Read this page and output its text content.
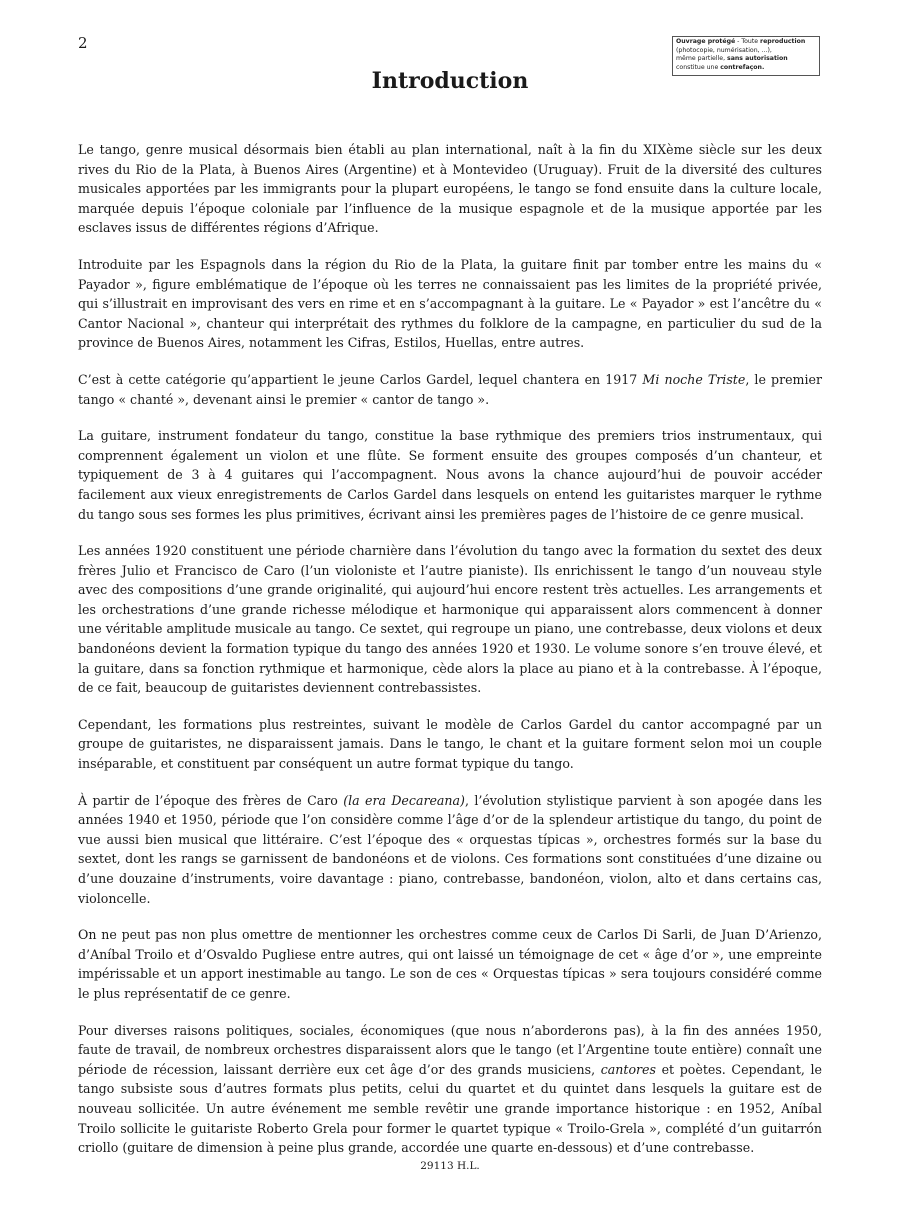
2	Ouvrage protégé - Toute reproduction
(photocopie, numérisation, ...),
même partielle, sans autorisation
constitue une contrefaçon.
Introduction

Le tango, genre musical désormais bien établi au plan international, naît à la fin du XIXème siècle sur les deux rives du Rio de la Plata, à Buenos Aires (Argentine) et à Montevideo (Uruguay). Fruit de la diversité des cultures musicales apportées par les immigrants pour la plupart européens, le tango se fond ensuite dans la culture locale, marquée depuis l’époque coloniale par l’influence de la musique espagnole et de la musique apportée par les esclaves issus de différentes régions d’Afrique.

Introduite par les Espagnols dans la région du Rio de la Plata, la guitare finit par tomber entre les mains du « Payador », figure emblématique de l’époque où les terres ne connaissaient pas les limites de la propriété privée, qui s’illustrait en improvisant des vers en rime et en s’accompagnant à la guitare. Le « Payador » est l’ancêtre du « Cantor Nacional », chanteur qui interprétait des rythmes du folklore de la campagne, en particulier du sud de la province de Buenos Aires, notamment les Cifras, Estilos, Huellas, entre autres.

C’est à cette catégorie qu’appartient le jeune Carlos Gardel, lequel chantera en 1917 Mi noche Triste, le premier tango « chanté », devenant ainsi le premier « cantor de tango ».

La guitare, instrument fondateur du tango, constitue la base rythmique des premiers trios instrumentaux, qui comprennent également un violon et une flûte. Se forment ensuite des groupes composés d’un chanteur, et typiquement de 3 à 4 guitares qui l’accompagnent. Nous avons la chance aujourd’hui de pouvoir accéder facilement aux vieux enregistrements de Carlos Gardel dans lesquels on entend les guitaristes marquer le rythme du tango sous ses formes les plus primitives, écrivant ainsi les premières pages de l’histoire de ce genre musical.

Les années 1920 constituent une période charnière dans l’évolution du tango avec la formation du sextet des deux frères Julio et Francisco de Caro (l’un violoniste et l’autre pianiste). Ils enrichissent le tango d’un nouveau style avec des compositions d’une grande originalité, qui aujourd’hui encore restent très actuelles. Les arrangements et les orchestrations d’une grande richesse mélodique et harmonique qui apparaissent alors commencent à donner une véritable amplitude musicale au tango. Ce sextet, qui regroupe un piano, une contrebasse, deux violons et deux bandonéons devient la formation typique du tango des années 1920 et 1930. Le volume sonore s’en trouve élevé, et la guitare, dans sa fonction rythmique et harmonique, cède alors la place au piano et à la contrebasse. À l’époque, de ce fait, beaucoup de guitaristes deviennent contrebassistes.

Cependant, les formations plus restreintes, suivant le modèle de Carlos Gardel du cantor accompagné par un groupe de guitaristes, ne disparaissent jamais. Dans le tango, le chant et la guitare forment selon moi un couple inséparable, et constituent par conséquent un autre format typique du tango.

À partir de l’époque des frères de Caro (la era Decareana), l’évolution stylistique parvient à son apogée dans les années 1940 et 1950, période que l’on considère comme l’âge d’or de la splendeur artistique du tango, du point de vue aussi bien musical que littéraire. C’est l’époque des « orquestas típicas », orchestres formés sur la base du sextet, dont les rangs se garnissent de bandonéons et de violons. Ces formations sont constituées d’une dizaine ou d’une douzaine d’instruments, voire davantage : piano, contrebasse, bandonéon, violon, alto et dans certains cas, violoncelle.

On ne peut pas non plus omettre de mentionner les orchestres comme ceux de Carlos Di Sarli, de Juan D’Arienzo, d’Aníbal Troilo et d’Osvaldo Pugliese entre autres, qui ont laissé un témoignage de cet « âge d’or », une empreinte impérissable et un apport inestimable au tango. Le son de ces « Orquestas típicas » sera toujours considéré comme le plus représentatif de ce genre.

Pour diverses raisons politiques, sociales, économiques (que nous n’aborderons pas), à la fin des années 1950, faute de travail, de nombreux orchestres disparaissent alors que le tango (et l’Argentine toute entière) connaît une période de récession, laissant derrière eux cet âge d’or des grands musiciens, cantores et poètes. Cependant, le tango subsiste sous d’autres formats plus petits, celui du quartet et du quintet dans lesquels la guitare est de nouveau sollicitée. Un autre événement me semble revêtir une grande importance historique : en 1952, Aníbal Troilo sollicite le guitariste Roberto Grela pour former le quartet typique « Troilo-Grela », complété d’un guitarrón criollo (guitare de dimension à peine plus grande, accordée une quarte en-dessous) et d’une contrebasse.

29113 H.L.
